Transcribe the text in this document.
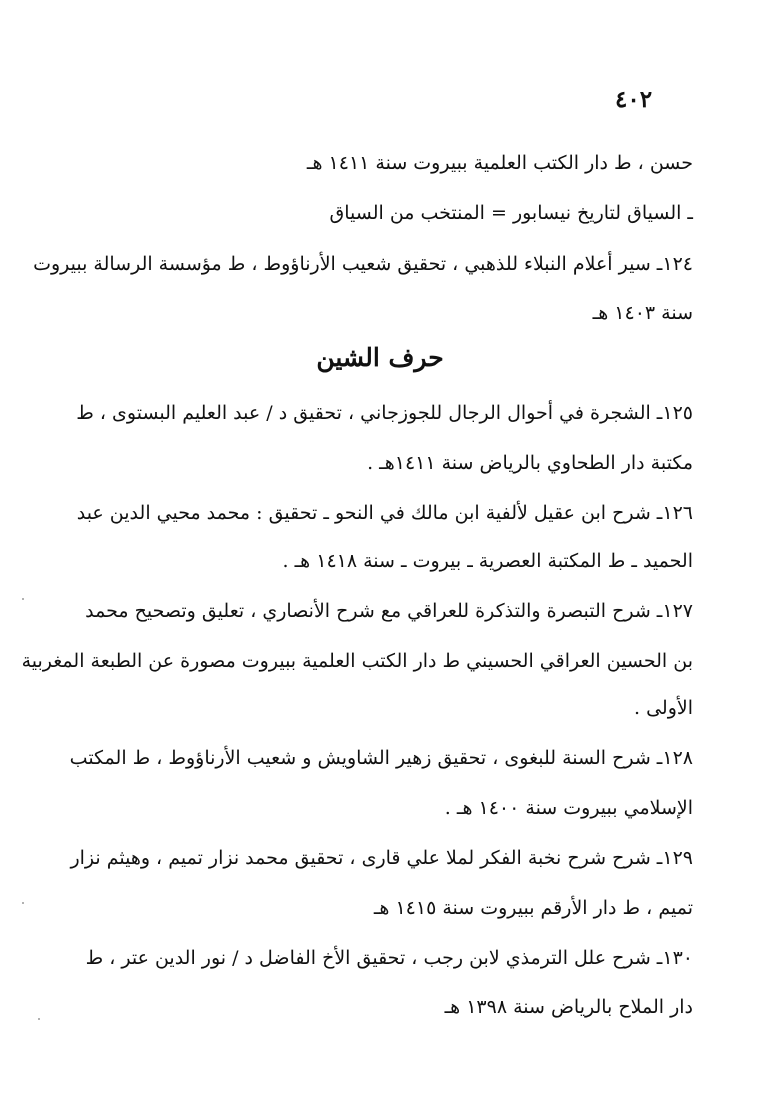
٤٠٢
حسن ، ط دار الكتب العلمية ببيروت سنة ١٤١١ هـ
ـ السياق لتاريخ نيسابور = المنتخب من السياق
١٢٤ـ سير أعلام النبلاء للذهبي ، تحقيق شعيب الأرناؤوط ، ط مؤسسة الرسالة ببيروت
سنة ١٤٠٣ هـ
حرف الشين
١٢٥ـ الشجرة في أحوال الرجال للجوزجاني ، تحقيق د / عبد العليم البستوى ، ط
مكتبة دار الطحاوي بالرياض سنة ١٤١١هـ .
١٢٦ـ شرح ابن عقيل لألفية ابن مالك في النحو ـ تحقيق : محمد محيي الدين عبد
الحميد ـ ط المكتبة العصرية ـ بيروت ـ سنة ١٤١٨ هـ .
١٢٧ـ شرح التبصرة والتذكرة للعراقي مع شرح الأنصاري ، تعليق وتصحيح محمد
بن الحسين العراقي الحسيني ط دار الكتب العلمية ببيروت مصورة عن الطبعة المغربية
الأولى .
١٢٨ـ شرح السنة للبغوى ، تحقيق زهير الشاويش و شعيب الأرناؤوط ، ط المكتب
الإسلامي ببيروت سنة ١٤٠٠ هـ .
١٢٩ـ شرح شرح نخبة الفكر لملا علي قارى ، تحقيق محمد نزار تميم ، وهيثم نزار
تميم ، ط دار الأرقم ببيروت سنة ١٤١٥ هـ
١٣٠ـ شرح علل الترمذي لابن رجب ، تحقيق الأخ الفاضل د / نور الدين عتر ، ط
دار الملاح بالرياض سنة ١٣٩٨ هـ
